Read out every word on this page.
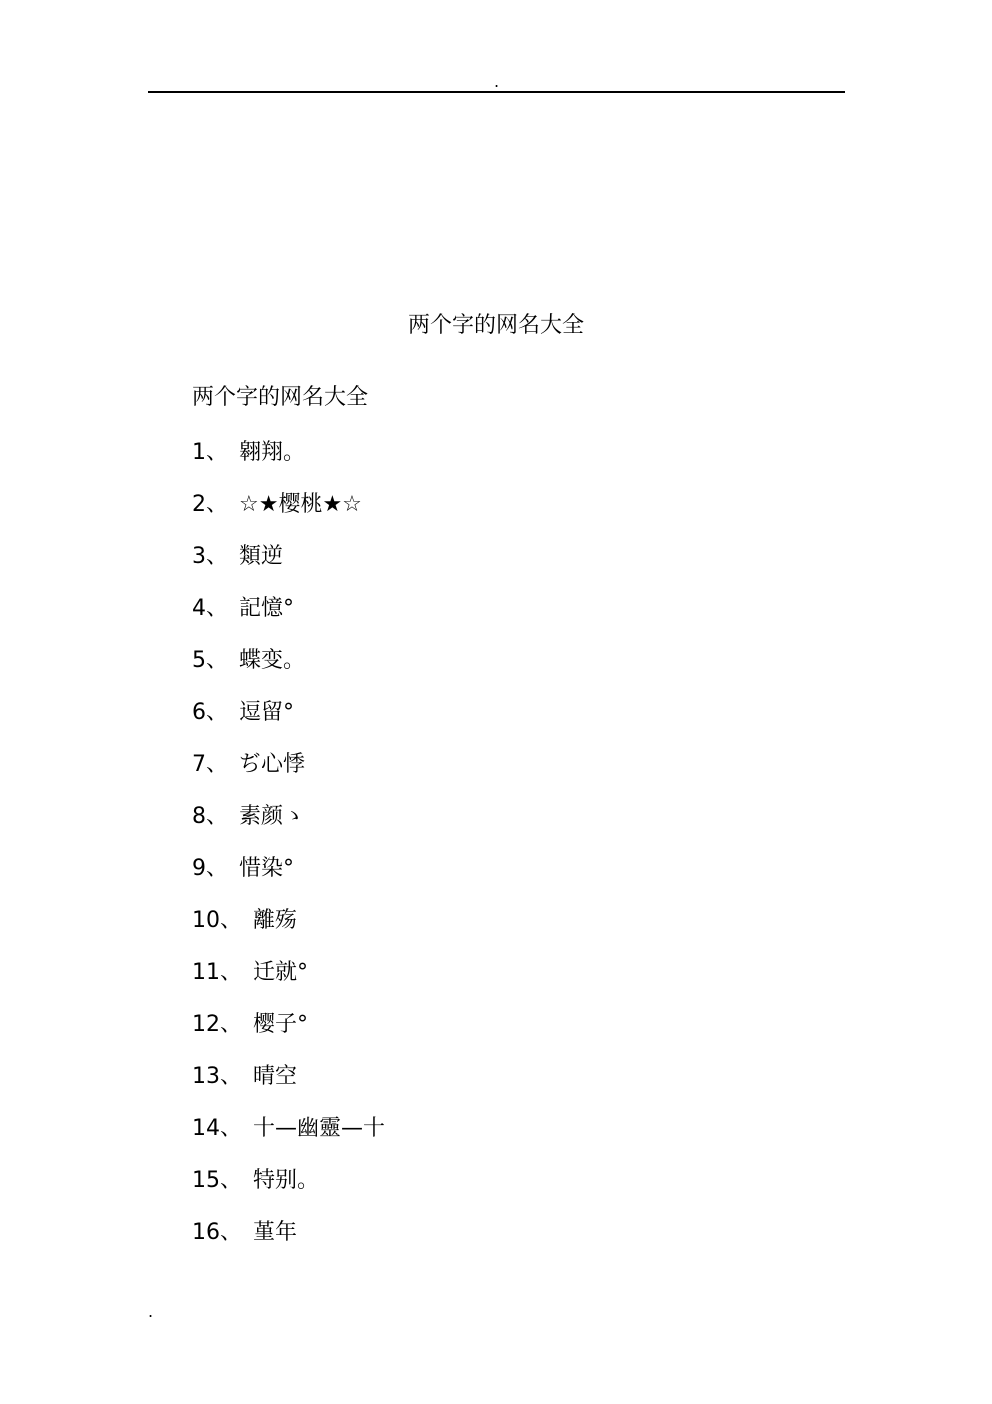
.
两个字的网名大全
两个字的网名大全
1、 翱翔。
2、 ☆★樱桃★☆
3、 類逆
4、 記憶°
5、 蝶变。
6、 逗留°
7、 ぢ心悸
8、 素颜ゝ
9、 惜染°
10、 離殇
11、 迁就°
12、 樱子°
13、 晴空
14、 十—幽靈—十
15、 特别。
16、 堇年
.
